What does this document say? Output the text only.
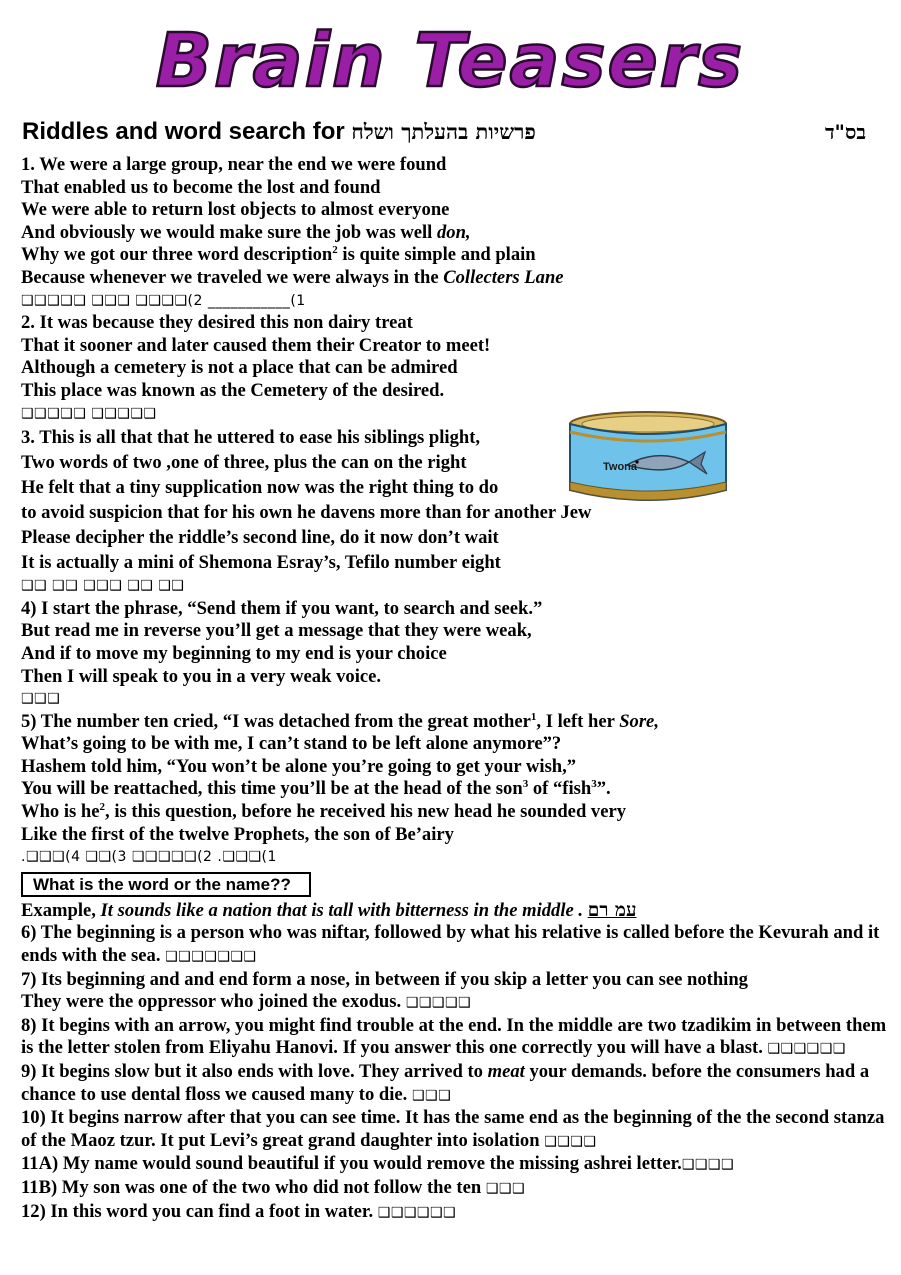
Brain Teasers
Riddles and word search for פרשיות בהעלתך ושלח	בס"ד
Twona
1. We were a large group, near the end we were found
That enabled us to become the lost and found
We were able to return lost objects to almost everyone
And obviously we would make sure the job was well don,
Why we got our three word description$^2$ is quite simple and plain
Because whenever we traveled we were always in the Collecters Lane
❑❑❑❑❑ ❑❑❑ ❑❑❑❑(2 ___________(1
2. It was because they desired this non dairy treat
That it sooner and later caused them their Creator to meet!
Although a cemetery is not a place that can be admired
This place was known as the Cemetery of the desired.
❑❑❑❑❑ ❑❑❑❑❑
3. This is all that that he uttered to ease his siblings plight,
Two words of two ,one of three, plus the can on the right
He felt that a tiny supplication now was the right thing to do
to avoid suspicion that for his own he davens more than for another Jew
Please decipher the riddle’s second line, do it now don’t wait
It is actually a mini of Shemona Esray’s, Tefilo number eight
❑❑ ❑❑ ❑❑❑ ❑❑ ❑❑
4) I start the phrase, “Send them if you want, to search and seek.”
But read me in reverse you’ll get a message that they were weak,
And if to move my beginning to my end is your choice
Then I will speak to you in a very weak voice.
❑❑❑
5) The number ten cried, “I was detached from the great mother$^1$, I left her Sore,
What’s going to be with me, I can’t stand to be left alone anymore”?
Hashem told him, “You won’t be alone you’re going to get your wish,”
You will be reattached, this time you’ll be at the head of the son$^3$ of “fish$^3$”.
Who is $he^2$, is this question, before he received his new head he sounded very
Like the first of the twelve Prophets, the son of Be’airy
.❑❑❑(4 ❑❑(3 ❑❑❑❑❑(2 .❑❑❑(1
What is the word or the name??
Example, It sounds like a nation that is tall with bitterness in the middle . עמ רם
6) The beginning is a person who was niftar, followed by what his relative is called before the Kevurah and it ends with the sea. ❑❑❑❑❑❑❑
7) Its beginning and and end form a nose, in between if you skip a letter you can see nothing
They were the oppressor who joined the exodus. ❑❑❑❑❑
8) It begins with an arrow, you might find trouble at the end. In the middle are two tzadikim in between them is the letter stolen from Eliyahu Hanovi. If you answer this one correctly you will have a blast. ❑❑❑❑❑❑
9) It begins slow but it also ends with love. They arrived to meat your demands. before the consumers had a chance to use dental floss we caused many to die. ❑❑❑
10) It begins narrow after that you can see time. It has the same end as the beginning of the the second stanza of the Maoz tzur. It put Levi’s great grand daughter into isolation ❑❑❑❑
11A) My name would sound beautiful if you would remove the missing ashrei letter.❑❑❑❑
11B) My son was one of the two who did not follow the ten ❑❑❑
12) In this word you can find a foot in water. ❑❑❑❑❑❑
